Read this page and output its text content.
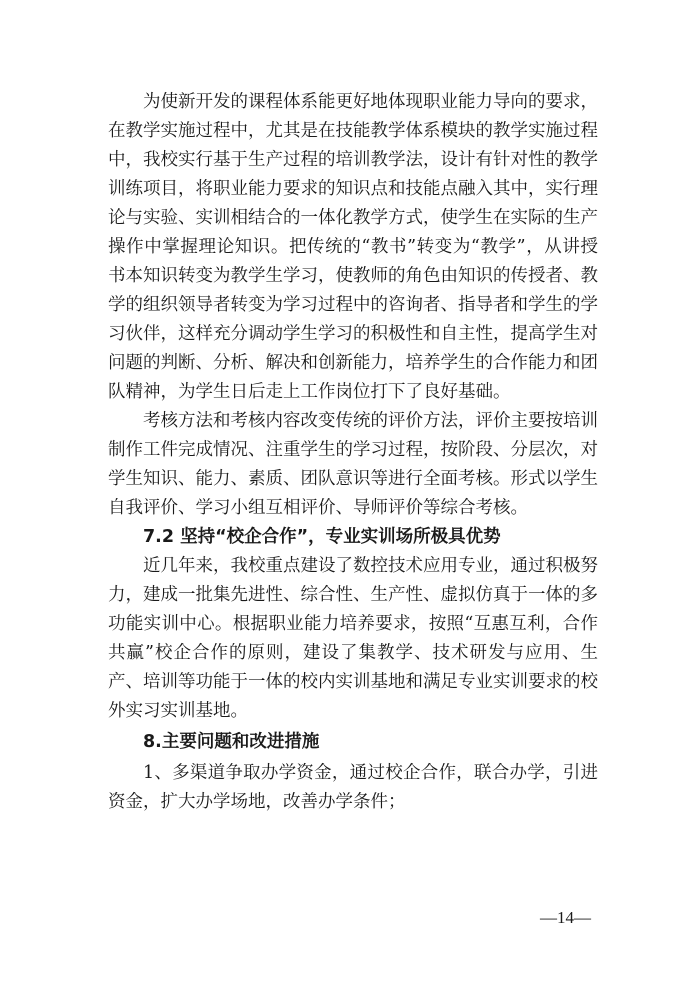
为使新开发的课程体系能更好地体现职业能力导向的要求，在教学实施过程中，尤其是在技能教学体系模块的教学实施过程中，我校实行基于生产过程的培训教学法，设计有针对性的教学训练项目，将职业能力要求的知识点和技能点融入其中，实行理论与实验、实训相结合的一体化教学方式，使学生在实际的生产操作中掌握理论知识。把传统的“教书”转变为“教学”，从讲授书本知识转变为教学生学习，使教师的角色由知识的传授者、教学的组织领导者转变为学习过程中的咨询者、指导者和学生的学习伙伴，这样充分调动学生学习的积极性和自主性，提高学生对问题的判断、分析、解决和创新能力，培养学生的合作能力和团队精神，为学生日后走上工作岗位打下了良好基础。

考核方法和考核内容改变传统的评价方法，评价主要按培训制作工件完成情况、注重学生的学习过程，按阶段、分层次，对学生知识、能力、素质、团队意识等进行全面考核。形式以学生自我评价、学习小组互相评价、导师评价等综合考核。

7.2 坚持“校企合作”，专业实训场所极具优势

近几年来，我校重点建设了数控技术应用专业，通过积极努力，建成一批集先进性、综合性、生产性、虚拟仿真于一体的多功能实训中心。根据职业能力培养要求，按照“互惠互利，合作共赢”校企合作的原则，建设了集教学、技术研发与应用、生产、培训等功能于一体的校内实训基地和满足专业实训要求的校外实习实训基地。

8.主要问题和改进措施

1、多渠道争取办学资金，通过校企合作，联合办学，引进资金，扩大办学场地，改善办学条件；

—14—
